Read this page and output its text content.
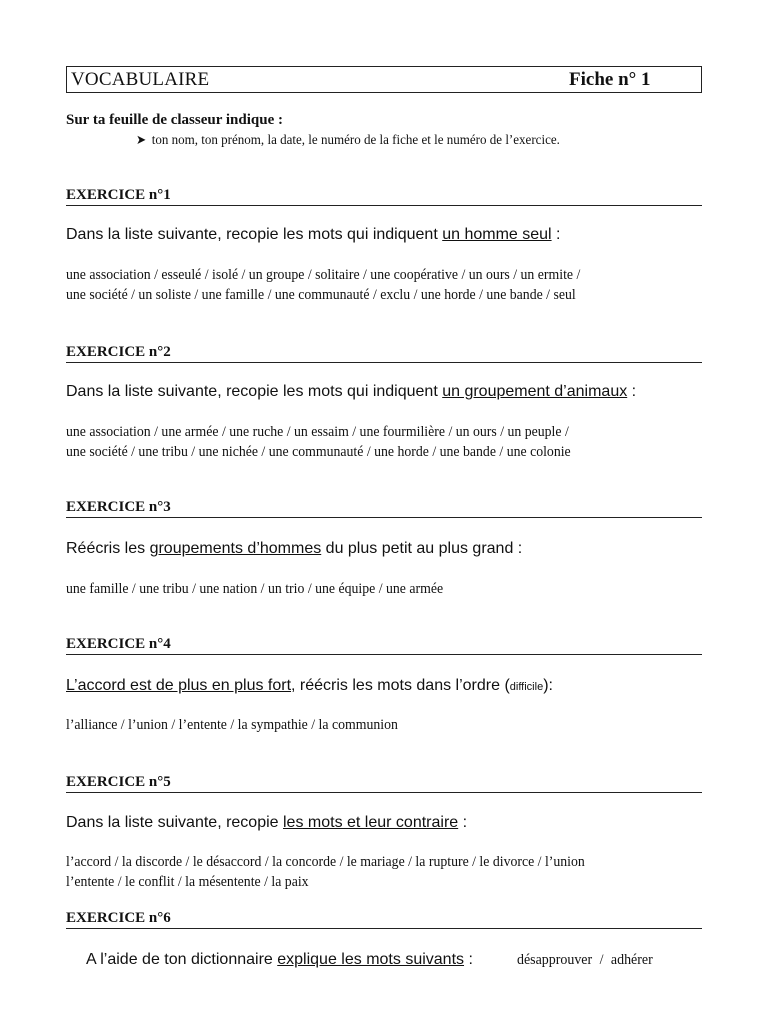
VOCABULAIRE	Fiche n° 1
Sur ta feuille de classeur indique :
➤ ton nom, ton prénom, la date, le numéro de la fiche et le numéro de l’exercice.
EXERCICE n°1
Dans la liste suivante, recopie les mots qui indiquent un homme seul :
une association / esseulé / isolé / un groupe / solitaire / une coopérative / un ours / un ermite /
une société / un soliste / une famille / une communauté / exclu / une horde / une bande / seul
EXERCICE n°2
Dans la liste suivante, recopie les mots qui indiquent un groupement d’animaux :
une association / une armée / une ruche / un essaim / une fourmilière / un ours / un peuple /
une société / une tribu / une nichée / une communauté / une horde / une bande / une colonie
EXERCICE n°3
Réécris les groupements d’hommes du plus petit au plus grand :
une famille / une tribu / une nation / un trio / une équipe / une armée
EXERCICE n°4
L’accord est de plus en plus fort, réécris les mots dans l’ordre (difficile):
l’alliance / l’union / l’entente / la sympathie / la communion
EXERCICE n°5
Dans la liste suivante, recopie les mots et leur contraire :
l’accord / la discorde / le désaccord / la concorde / le mariage / la rupture / le divorce / l’union
l’entente / le conflit / la mésentente / la paix
EXERCICE n°6
A l’aide de ton dictionnaire explique les mots suivants :	désapprouver / adhérer
